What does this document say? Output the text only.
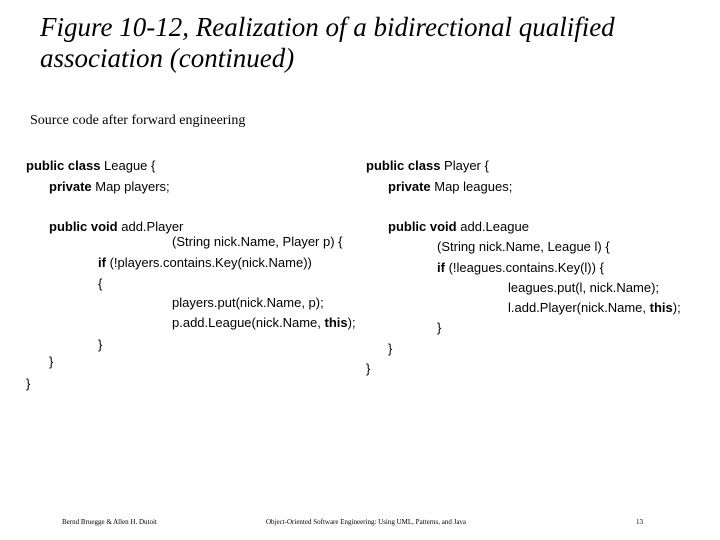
Figure 10-12, Realization of a bidirectional qualified
association (continued)
Source code after forward engineering
public class League {
private Map players;
public void add.Player
(String nick.Name, Player p) {
if (!players.contains.Key(nick.Name))
{
players.put(nick.Name, p);
p.add.League(nick.Name, this);
}
}
}
public class Player {
private Map leagues;
public void add.League
(String nick.Name, League l) {
if (!leagues.contains.Key(l)) {
leagues.put(l, nick.Name);
l.add.Player(nick.Name, this);
}
}
}
Bernd Bruegge & Allen H. Dutoit	Object-Oriented Software Engineering: Using UML, Patterns, and Java	13
